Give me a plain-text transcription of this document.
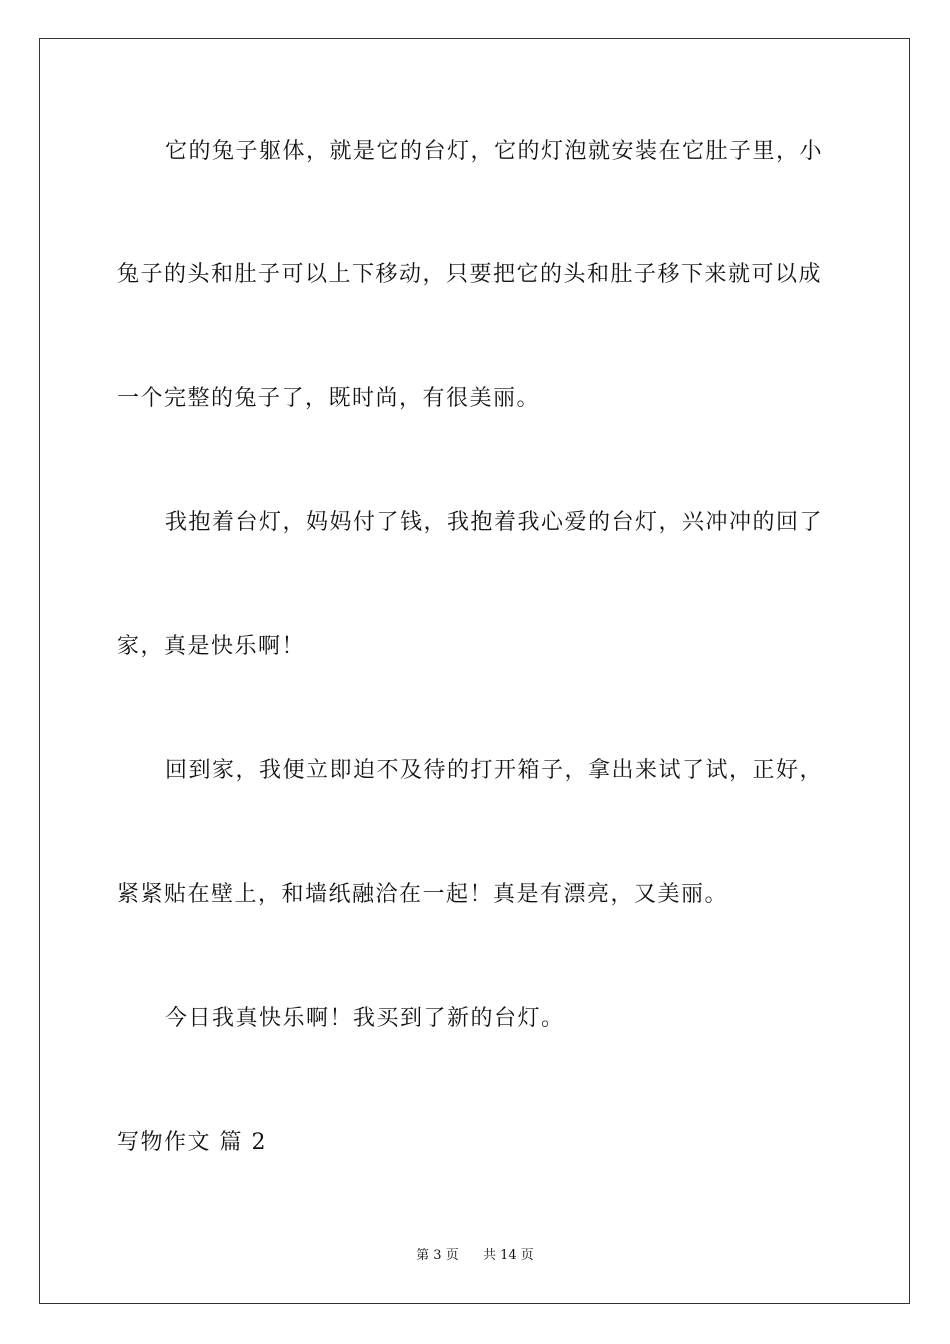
它的兔子躯体，就是它的台灯，它的灯泡就安装在它肚子里，小
兔子的头和肚子可以上下移动，只要把它的头和肚子移下来就可以成
一个完整的兔子了，既时尚，有很美丽。
我抱着台灯，妈妈付了钱，我抱着我心爱的台灯，兴冲冲的回了
家，真是快乐啊！
回到家，我便立即迫不及待的打开箱子，拿出来试了试，正好，
紧紧贴在壁上，和墙纸融洽在一起！真是有漂亮，又美丽。
今日我真快乐啊！我买到了新的台灯。
写物作文 篇 2
第 3 页 共 14 页
